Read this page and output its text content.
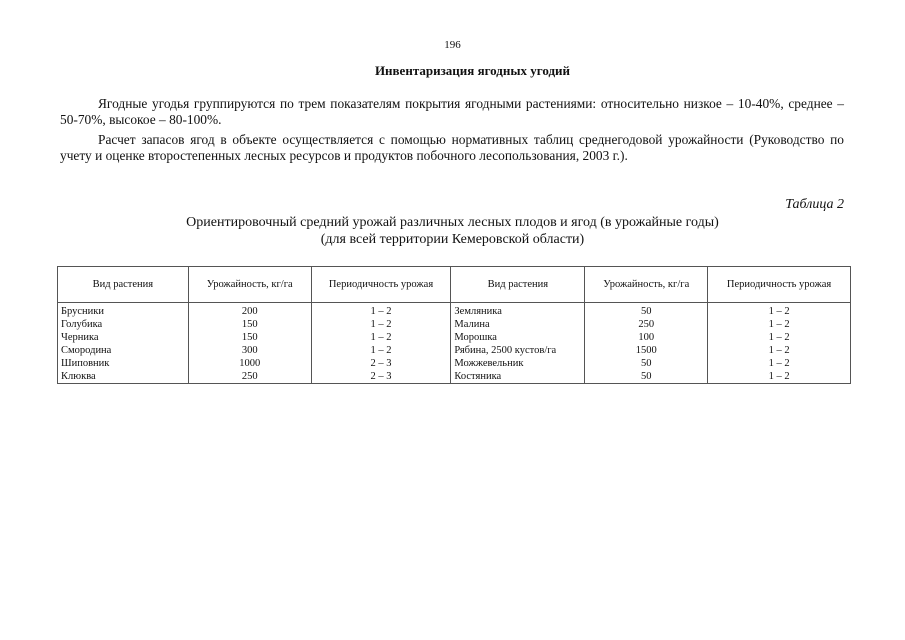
196
Инвентаризация ягодных угодий
Ягодные угодья группируются по трем показателям покрытия ягодными растениями: относительно низкое – 10-40%, среднее – 50-70%, высокое – 80-100%.
Расчет запасов ягод в объекте осуществляется с помощью нормативных таблиц среднегодовой урожайности (Руководство по учету и оценке второстепенных лесных ресурсов и продуктов побочного лесопользования, 2003 г.).
Таблица 2
Ориентировочный средний урожай различных лесных плодов и ягод (в урожайные годы)
(для всей территории Кемеровской области)
Вид растения	Урожайность, кг/га	Периодичность урожая	Вид растения	Урожайность, кг/га	Периодичность урожая
Брусники	200	1 – 2	Земляника	50	1 – 2
Голубика	150	1 – 2	Малина	250	1 – 2
Черника	150	1 – 2	Морошка	100	1 – 2
Смородина	300	1 – 2	Рябина, 2500 кустов/га	1500	1 – 2
Шиповник	1000	2 – 3	Можжевельник	50	1 – 2
Клюква	250	2 – 3	Костяника	50	1 – 2
